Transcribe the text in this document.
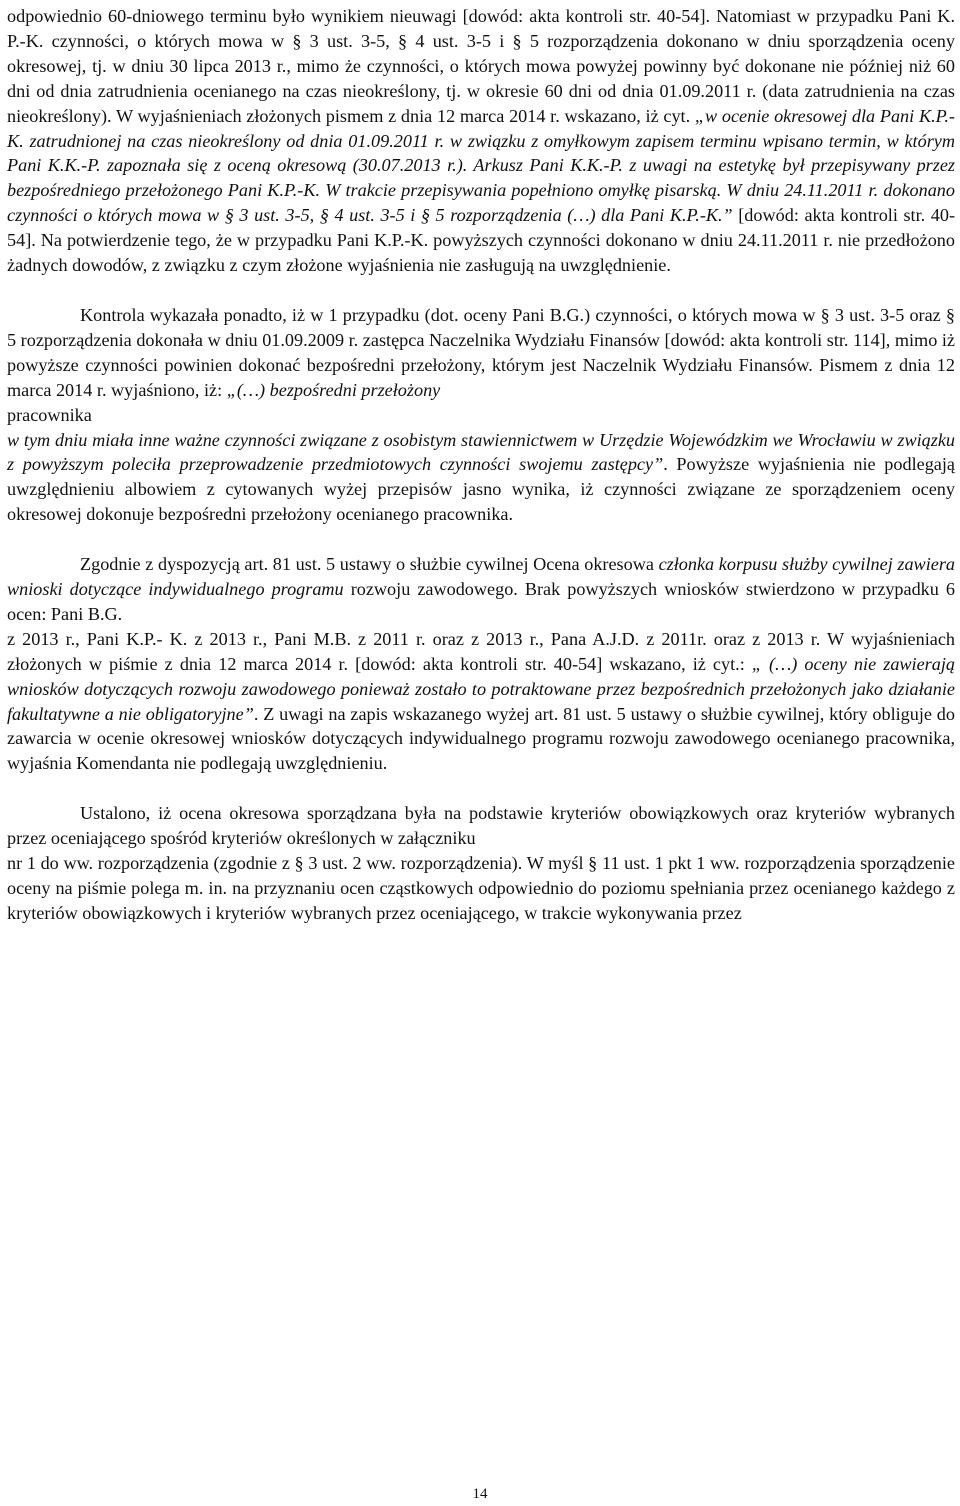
odpowiednio 60-dniowego terminu było wynikiem nieuwagi [dowód: akta kontroli str. 40-54]. Natomiast w przypadku Pani K. P.-K. czynności, o których mowa w § 3 ust. 3-5, § 4 ust. 3-5 i § 5 rozporządzenia dokonano w dniu sporządzenia oceny okresowej, tj. w dniu 30 lipca 2013 r., mimo że czynności, o których mowa powyżej powinny być dokonane nie później niż 60 dni od dnia zatrudnienia ocenianego na czas nieokreślony, tj. w okresie 60 dni od dnia 01.09.2011 r. (data zatrudnienia na czas nieokreślony). W wyjaśnieniach złożonych pismem z dnia 12 marca 2014 r. wskazano, iż cyt. „w ocenie okresowej dla Pani K.P.-K. zatrudnionej na czas nieokreślony od dnia 01.09.2011 r. w związku z omyłkowym zapisem terminu wpisano termin, w którym Pani K.K.-P. zapoznała się z oceną okresową (30.07.2013 r.). Arkusz Pani K.K.-P. z uwagi na estetykę był przepisywany przez bezpośredniego przełożonego Pani K.P.-K. W trakcie przepisywania popełniono omyłkę pisarską. W dniu 24.11.2011 r. dokonano czynności o których mowa w § 3 ust. 3-5, § 4 ust. 3-5 i § 5 rozporządzenia (…) dla Pani K.P.-K.” [dowód: akta kontroli str. 40-54]. Na potwierdzenie tego, że w przypadku Pani K.P.-K. powyższych czynności dokonano w dniu 24.11.2011 r. nie przedłożono żadnych dowodów, z związku z czym złożone wyjaśnienia nie zasługują na uwzględnienie.

Kontrola wykazała ponadto, iż w 1 przypadku (dot. oceny Pani B.G.) czynności, o których mowa w § 3 ust. 3-5 oraz § 5 rozporządzenia dokonała w dniu 01.09.2009 r. zastępca Naczelnika Wydziału Finansów [dowód: akta kontroli str. 114], mimo iż powyższe czynności powinien dokonać bezpośredni przełożony, którym jest Naczelnik Wydziału Finansów. Pismem z dnia 12 marca 2014 r. wyjaśniono, iż: „(…) bezpośredni przełożony
pracownika

w tym dniu miała inne ważne czynności związane z osobistym stawiennictwem w Urzędzie Wojewódzkim we Wrocławiu w związku z powyższym poleciła przeprowadzenie przedmiotowych czynności swojemu zastępcy”. Powyższe wyjaśnienia nie podlegają uwzględnieniu albowiem z cytowanych wyżej przepisów jasno wynika, iż czynności związane ze sporządzeniem oceny okresowej dokonuje bezpośredni przełożony ocenianego pracownika.

Zgodnie z dyspozycją art. 81 ust. 5 ustawy o służbie cywilnej Ocena okresowa członka korpusu służby cywilnej zawiera wnioski dotyczące indywidualnego programu rozwoju zawodowego. Brak powyższych wniosków stwierdzono w przypadku 6 ocen: Pani B.G.

z 2013 r., Pani K.P.- K. z 2013 r., Pani M.B. z 2011 r. oraz z 2013 r., Pana A.J.D. z 2011r. oraz z 2013 r. W wyjaśnieniach złożonych w piśmie z dnia 12 marca 2014 r. [dowód: akta kontroli str. 40-54] wskazano, iż cyt.: „ (…) oceny nie zawierają wniosków dotyczących rozwoju zawodowego ponieważ zostało to potraktowane przez bezpośrednich przełożonych jako działanie fakultatywne a nie obligatoryjne”. Z uwagi na zapis wskazanego wyżej art. 81 ust. 5 ustawy o służbie cywilnej, który obliguje do zawarcia w ocenie okresowej wniosków dotyczących indywidualnego programu rozwoju zawodowego ocenianego pracownika, wyjaśnia Komendanta nie podlegają uwzględnieniu.

Ustalono, iż ocena okresowa sporządzana była na podstawie kryteriów obowiązkowych oraz kryteriów wybranych przez oceniającego spośród kryteriów określonych w załączniku

nr 1 do ww. rozporządzenia (zgodnie z § 3 ust. 2 ww. rozporządzenia). W myśl § 11 ust. 1 pkt 1 ww. rozporządzenia sporządzenie oceny na piśmie polega m. in. na przyznaniu ocen cząstkowych odpowiednio do poziomu spełniania przez ocenianego każdego z kryteriów obowiązkowych i kryteriów wybranych przez oceniającego, w trakcie wykonywania przez

14
